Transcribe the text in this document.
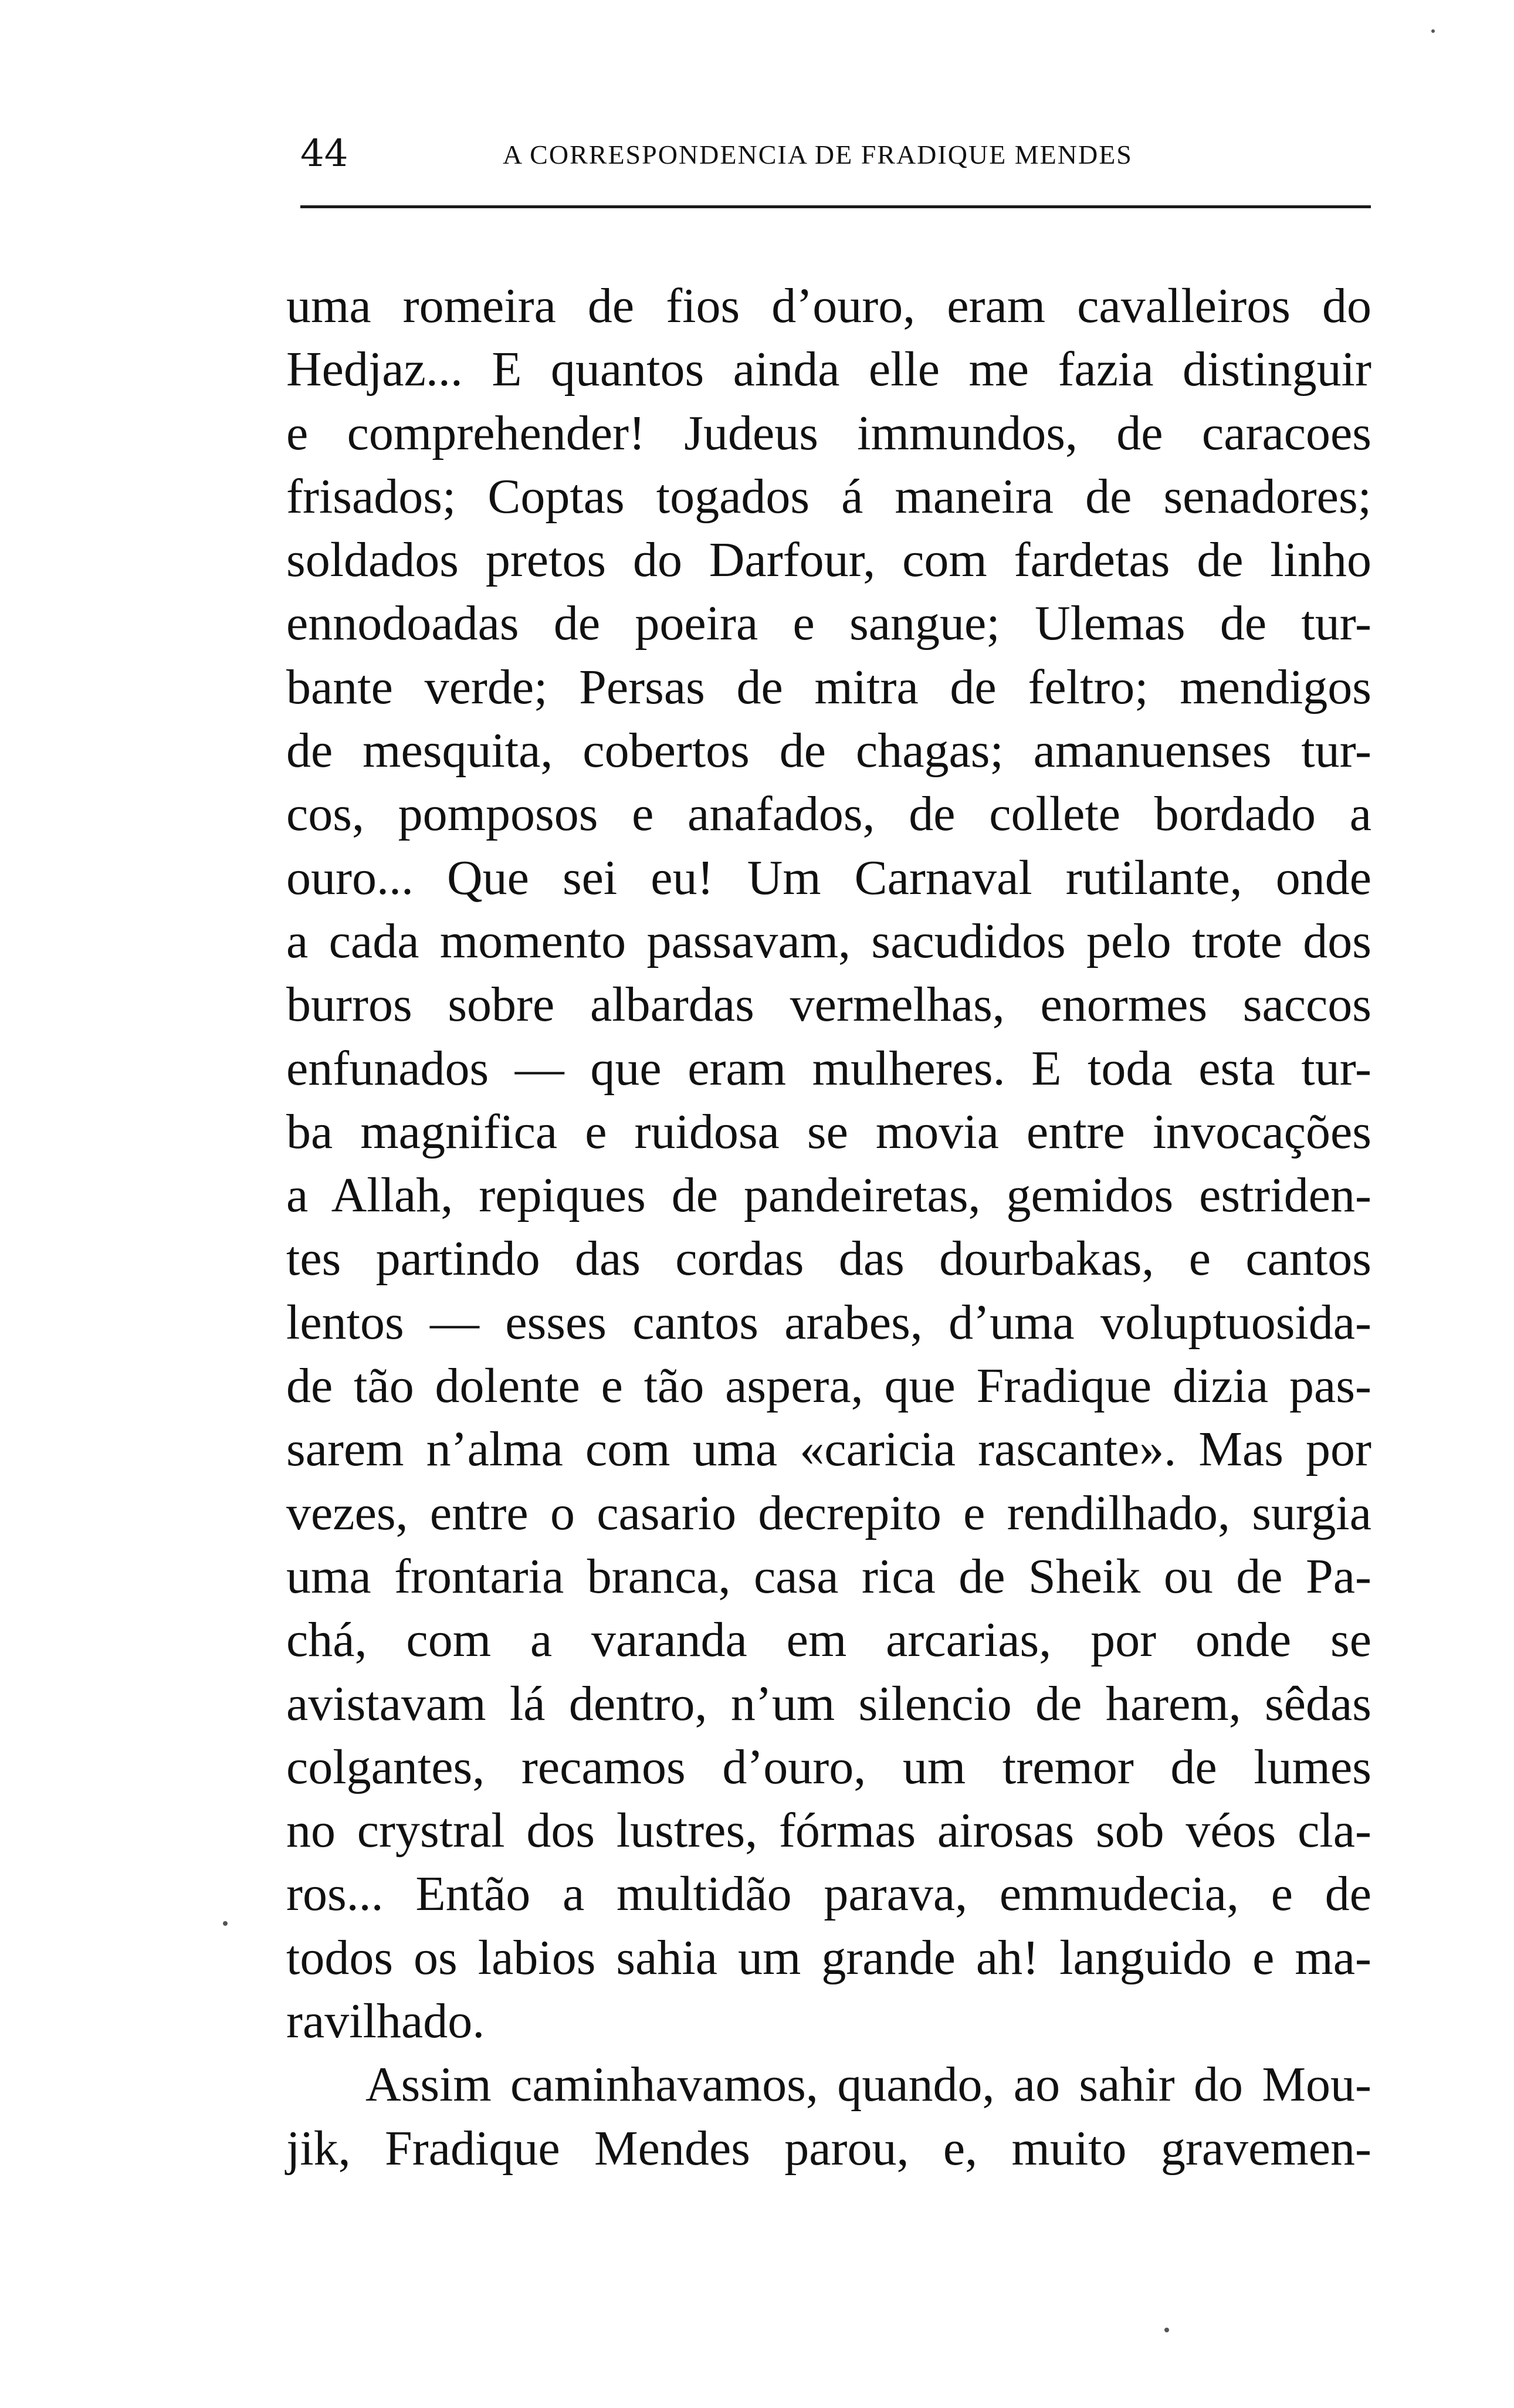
44	A CORRESPONDENCIA DE FRADIQUE MENDES
uma romeira de fios d’ouro, eram cavalleiros do
Hedjaz... E quantos ainda elle me fazia distinguir
e comprehender! Judeus immundos, de caracoes
frisados; Coptas togados á maneira de senadores;
soldados pretos do Darfour, com fardetas de linho
ennodoadas de poeira e sangue; Ulemas de tur-
bante verde; Persas de mitra de feltro; mendigos
de mesquita, cobertos de chagas; amanuenses tur-
cos, pomposos e anafados, de collete bordado a
ouro... Que sei eu! Um Carnaval rutilante, onde
a cada momento passavam, sacudidos pelo trote dos
burros sobre albardas vermelhas, enormes saccos
enfunados — que eram mulheres. E toda esta tur-
ba magnifica e ruidosa se movia entre invocações
a Allah, repiques de pandeiretas, gemidos estriden-
tes partindo das cordas das dourbakas, e cantos
lentos — esses cantos arabes, d’uma voluptuosida-
de tão dolente e tão aspera, que Fradique dizia pas-
sarem n’alma com uma «caricia rascante». Mas por
vezes, entre o casario decrepito e rendilhado, surgia
uma frontaria branca, casa rica de Sheik ou de Pa-
chá, com a varanda em arcarias, por onde se
avistavam lá dentro, n’um silencio de harem, sêdas
colgantes, recamos d’ouro, um tremor de lumes
no crystral dos lustres, fórmas airosas sob véos cla-
ros... Então a multidão parava, emmudecia, e de
todos os labios sahia um grande ah! languido e ma-
ravilhado.
Assim caminhavamos, quando, ao sahir do Mou-
jik, Fradique Mendes parou, e, muito gravemen-
